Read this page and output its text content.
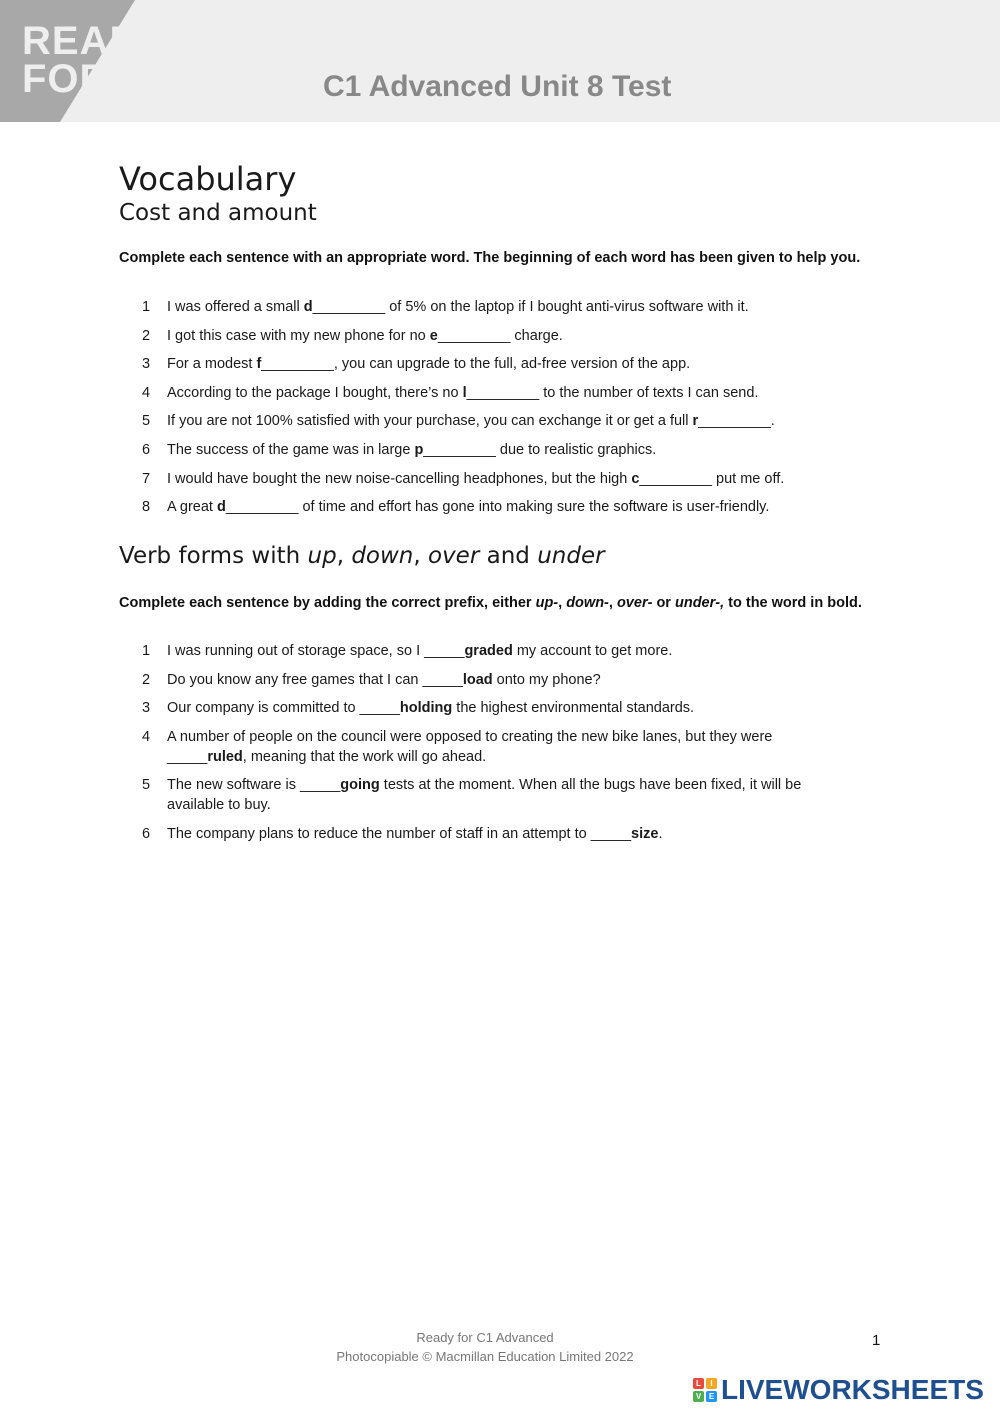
READY
FOR	C1 Advanced Unit 8 Test
Vocabulary
Cost and amount
Complete each sentence with an appropriate word. The beginning of each word has been given to help you.
1 I was offered a small d_________ of 5% on the laptop if I bought anti-virus software with it.
2 I got this case with my new phone for no e_________ charge.
3 For a modest f_________, you can upgrade to the full, ad-free version of the app.
4 According to the package I bought, there’s no l_________ to the number of texts I can send.
5 If you are not 100% satisfied with your purchase, you can exchange it or get a full r_________.
6 The success of the game was in large p_________ due to realistic graphics.
7 I would have bought the new noise-cancelling headphones, but the high c_________ put me off.
8 A great d_________ of time and effort has gone into making sure the software is user-friendly.
Verb forms with up, down, over and under
Complete each sentence by adding the correct prefix, either up-, down-, over- or under-, to the word in bold.
1 I was running out of storage space, so I _____graded my account to get more.
2 Do you know any free games that I can _____load onto my phone?
3 Our company is committed to _____holding the highest environmental standards.
4 A number of people on the council were opposed to creating the new bike lanes, but they were _____ruled, meaning that the work will go ahead.
5 The new software is _____going tests at the moment. When all the bugs have been fixed, it will be available to buy.
6 The company plans to reduce the number of staff in an attempt to _____size.
Ready for C1 Advanced
Photocopiable © Macmillan Education Limited 2022
1
L	I
V E LIVEWORKSHEETS
